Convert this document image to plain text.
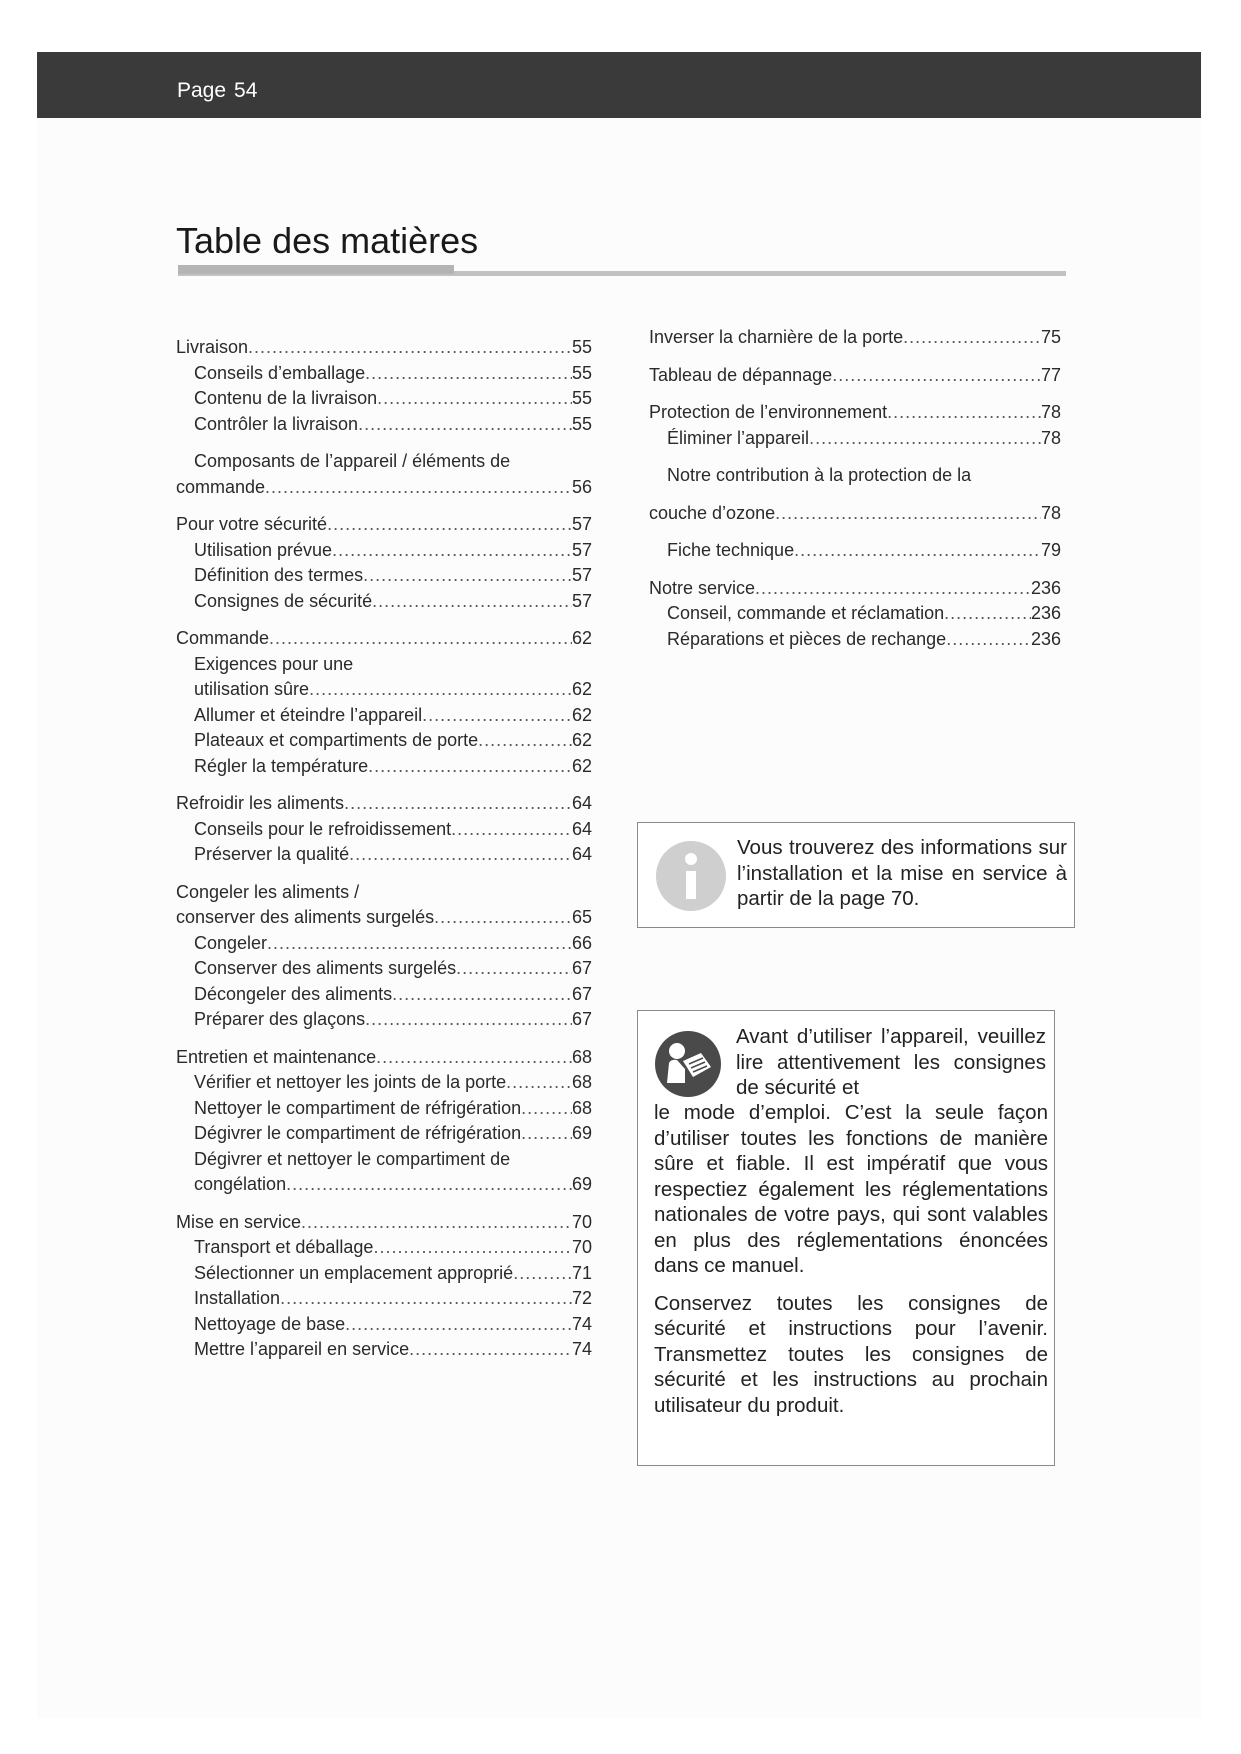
Page 54
Table des matières
Livraison .....	55
Conseils d’emballage .....	55
Contenu de la livraison .....	55
Contrôler la livraison .....	55
Composants de l’appareil / éléments de
commande .....	56
Pour votre sécurité .....	57
Utilisation prévue .....	57
Définition des termes .....	57
Consignes de sécurité .....	57
Commande .....	62
Exigences pour une
utilisation sûre .....	62
Allumer et éteindre l’appareil .....	62
Plateaux et compartiments de porte .....	62
Régler la température .....	62
Refroidir les aliments .....	64
Conseils pour le refroidissement .....	64
Préserver la qualité .....	64
Congeler les aliments /
conserver des aliments surgelés .....	65
Congeler .....	66
Conserver des aliments surgelés .....	67
Décongeler des aliments .....	67
Préparer des glaçons .....	67
Entretien et maintenance .....	68
Vérifier et nettoyer les joints de la porte .....	68
Nettoyer le compartiment de réfrigération .....	68
Dégivrer le compartiment de réfrigération .....	69
Dégivrer et nettoyer le compartiment de
congélation .....	69
Mise en service .....	70
Transport et déballage .....	70
Sélectionner un emplacement approprié .....	71
Installation .....	72
Nettoyage de base .....	74
Mettre l’appareil en service .....	74
Inverser la charnière de la porte .....	75
Tableau de dépannage .....	77
Protection de l’environnement .....	78
Éliminer l’appareil .....	78
Notre contribution à la protection de la
couche d’ozone .....	78
Fiche technique .....	79
Notre service .....	236
Conseil, commande et réclamation .....	236
Réparations et pièces de rechange .....	236
Vous trouverez des informations sur l’installation et la mise en service à partir de la page 70.
Avant d’utiliser l’appareil, veuillez lire attentivement les consignes de sécurité et

le mode d’emploi. C’est la seule façon d’utiliser toutes les fonctions de manière sûre et fiable. Il est impératif que vous respectiez également les réglementations nationales de votre pays, qui sont valables en plus des réglementations énoncées dans ce manuel.

Conservez toutes les consignes de sécurité et instructions pour l’avenir. Transmettez toutes les consignes de sécurité et les instructions au prochain utilisateur du produit.
